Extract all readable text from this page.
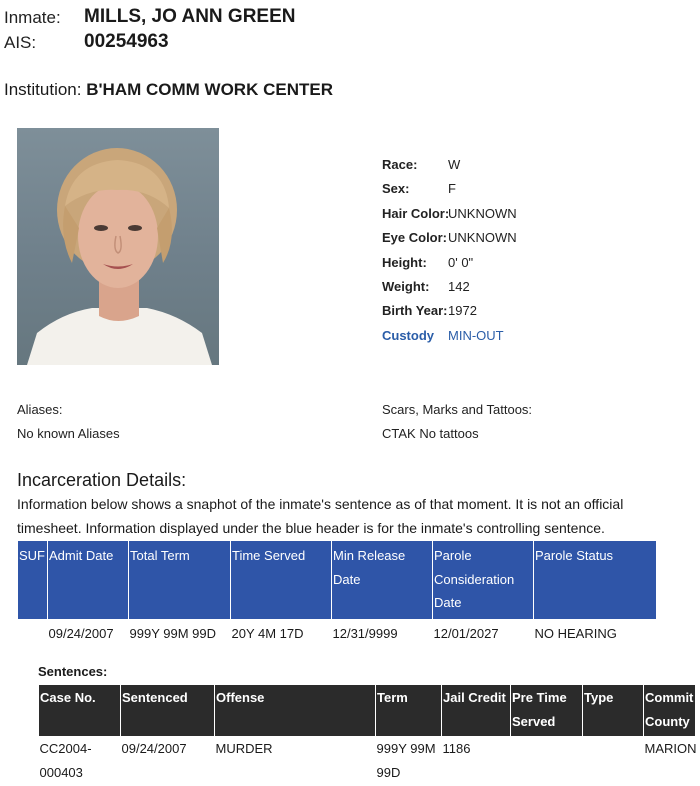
Inmate: MILLS, JO ANN GREEN
AIS:	00254963
Institution: B'HAM COMM WORK CENTER
Race: W
Sex:	F
Hair Color:
UNKNOWN
Eye Color: UNKNOWN
Height: 0' 0"
Weight: 142
Birth Year: 1972
Custody MIN-OUT
Aliases:
No known Aliases
Scars, Marks and Tattoos:
CTAK No tattoos
Incarceration Details:
Information below shows a snaphot of the inmate's sentence as of that moment. It is not an official timesheet. Information displayed under the blue header is for the inmate's controlling sentence.
SUF	Admit Date	Total Term	Time Served	Min Release Date	Parole Consideration Date	Parole Status
	09/24/2007	999Y 99M 99D	20Y 4M 17D	12/31/9999	12/01/2027	NO HEARING
Sentences:
Case No.	Sentenced	Offense	Term	Jail Credit	Pre Time Served	Type	Commit County
CC2004-000403	09/24/2007	MURDER	999Y 99M 99D	1186			MARION
